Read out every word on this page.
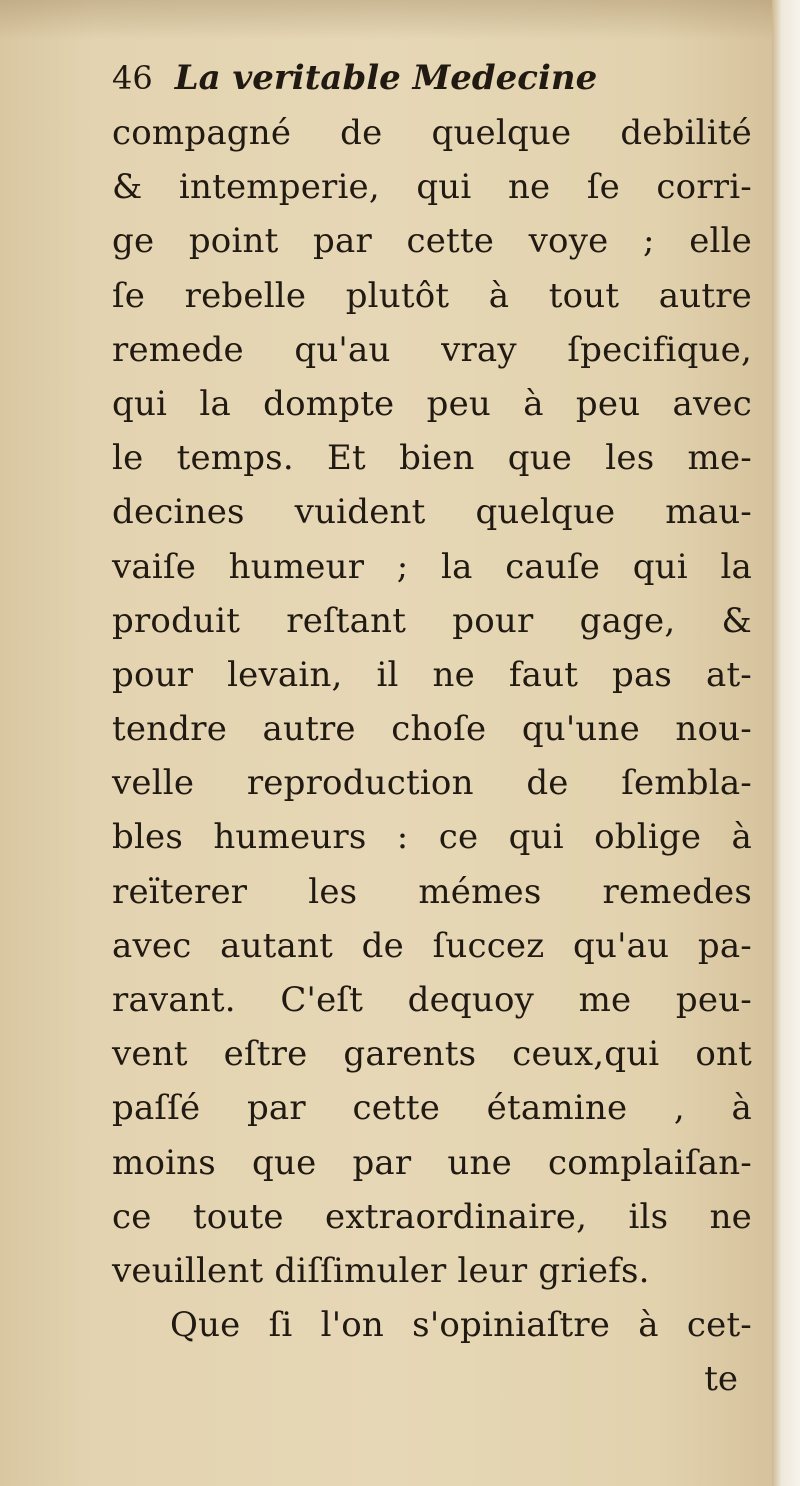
46 La veritable Medecine
compagné de quelque debilité
& intemperie, qui ne ſe corri-
ge point par cette voye ; elle
ſe rebelle plutôt à tout autre
remede qu'au vray ſpecifique,
qui la dompte peu à peu avec
le temps. Et bien que les me-
decines vuident quelque mau-
vaiſe humeur ; la cauſe qui la
produit reſtant pour gage, &
pour levain, il ne faut pas at-
tendre autre choſe qu'une nou-
velle reproduction de ſembla-
bles humeurs : ce qui oblige à
reïterer les mémes remedes
avec autant de ſuccez qu'au pa-
ravant. C'eſt dequoy me peu-
vent eſtre garents ceux,qui ont
paſſé par cette étamine , à
moins que par une complaiſan-
ce toute extraordinaire, ils ne
veuillent diſſimuler leur griefs.
Que ſi l'on s'opiniaſtre à cet-
te
